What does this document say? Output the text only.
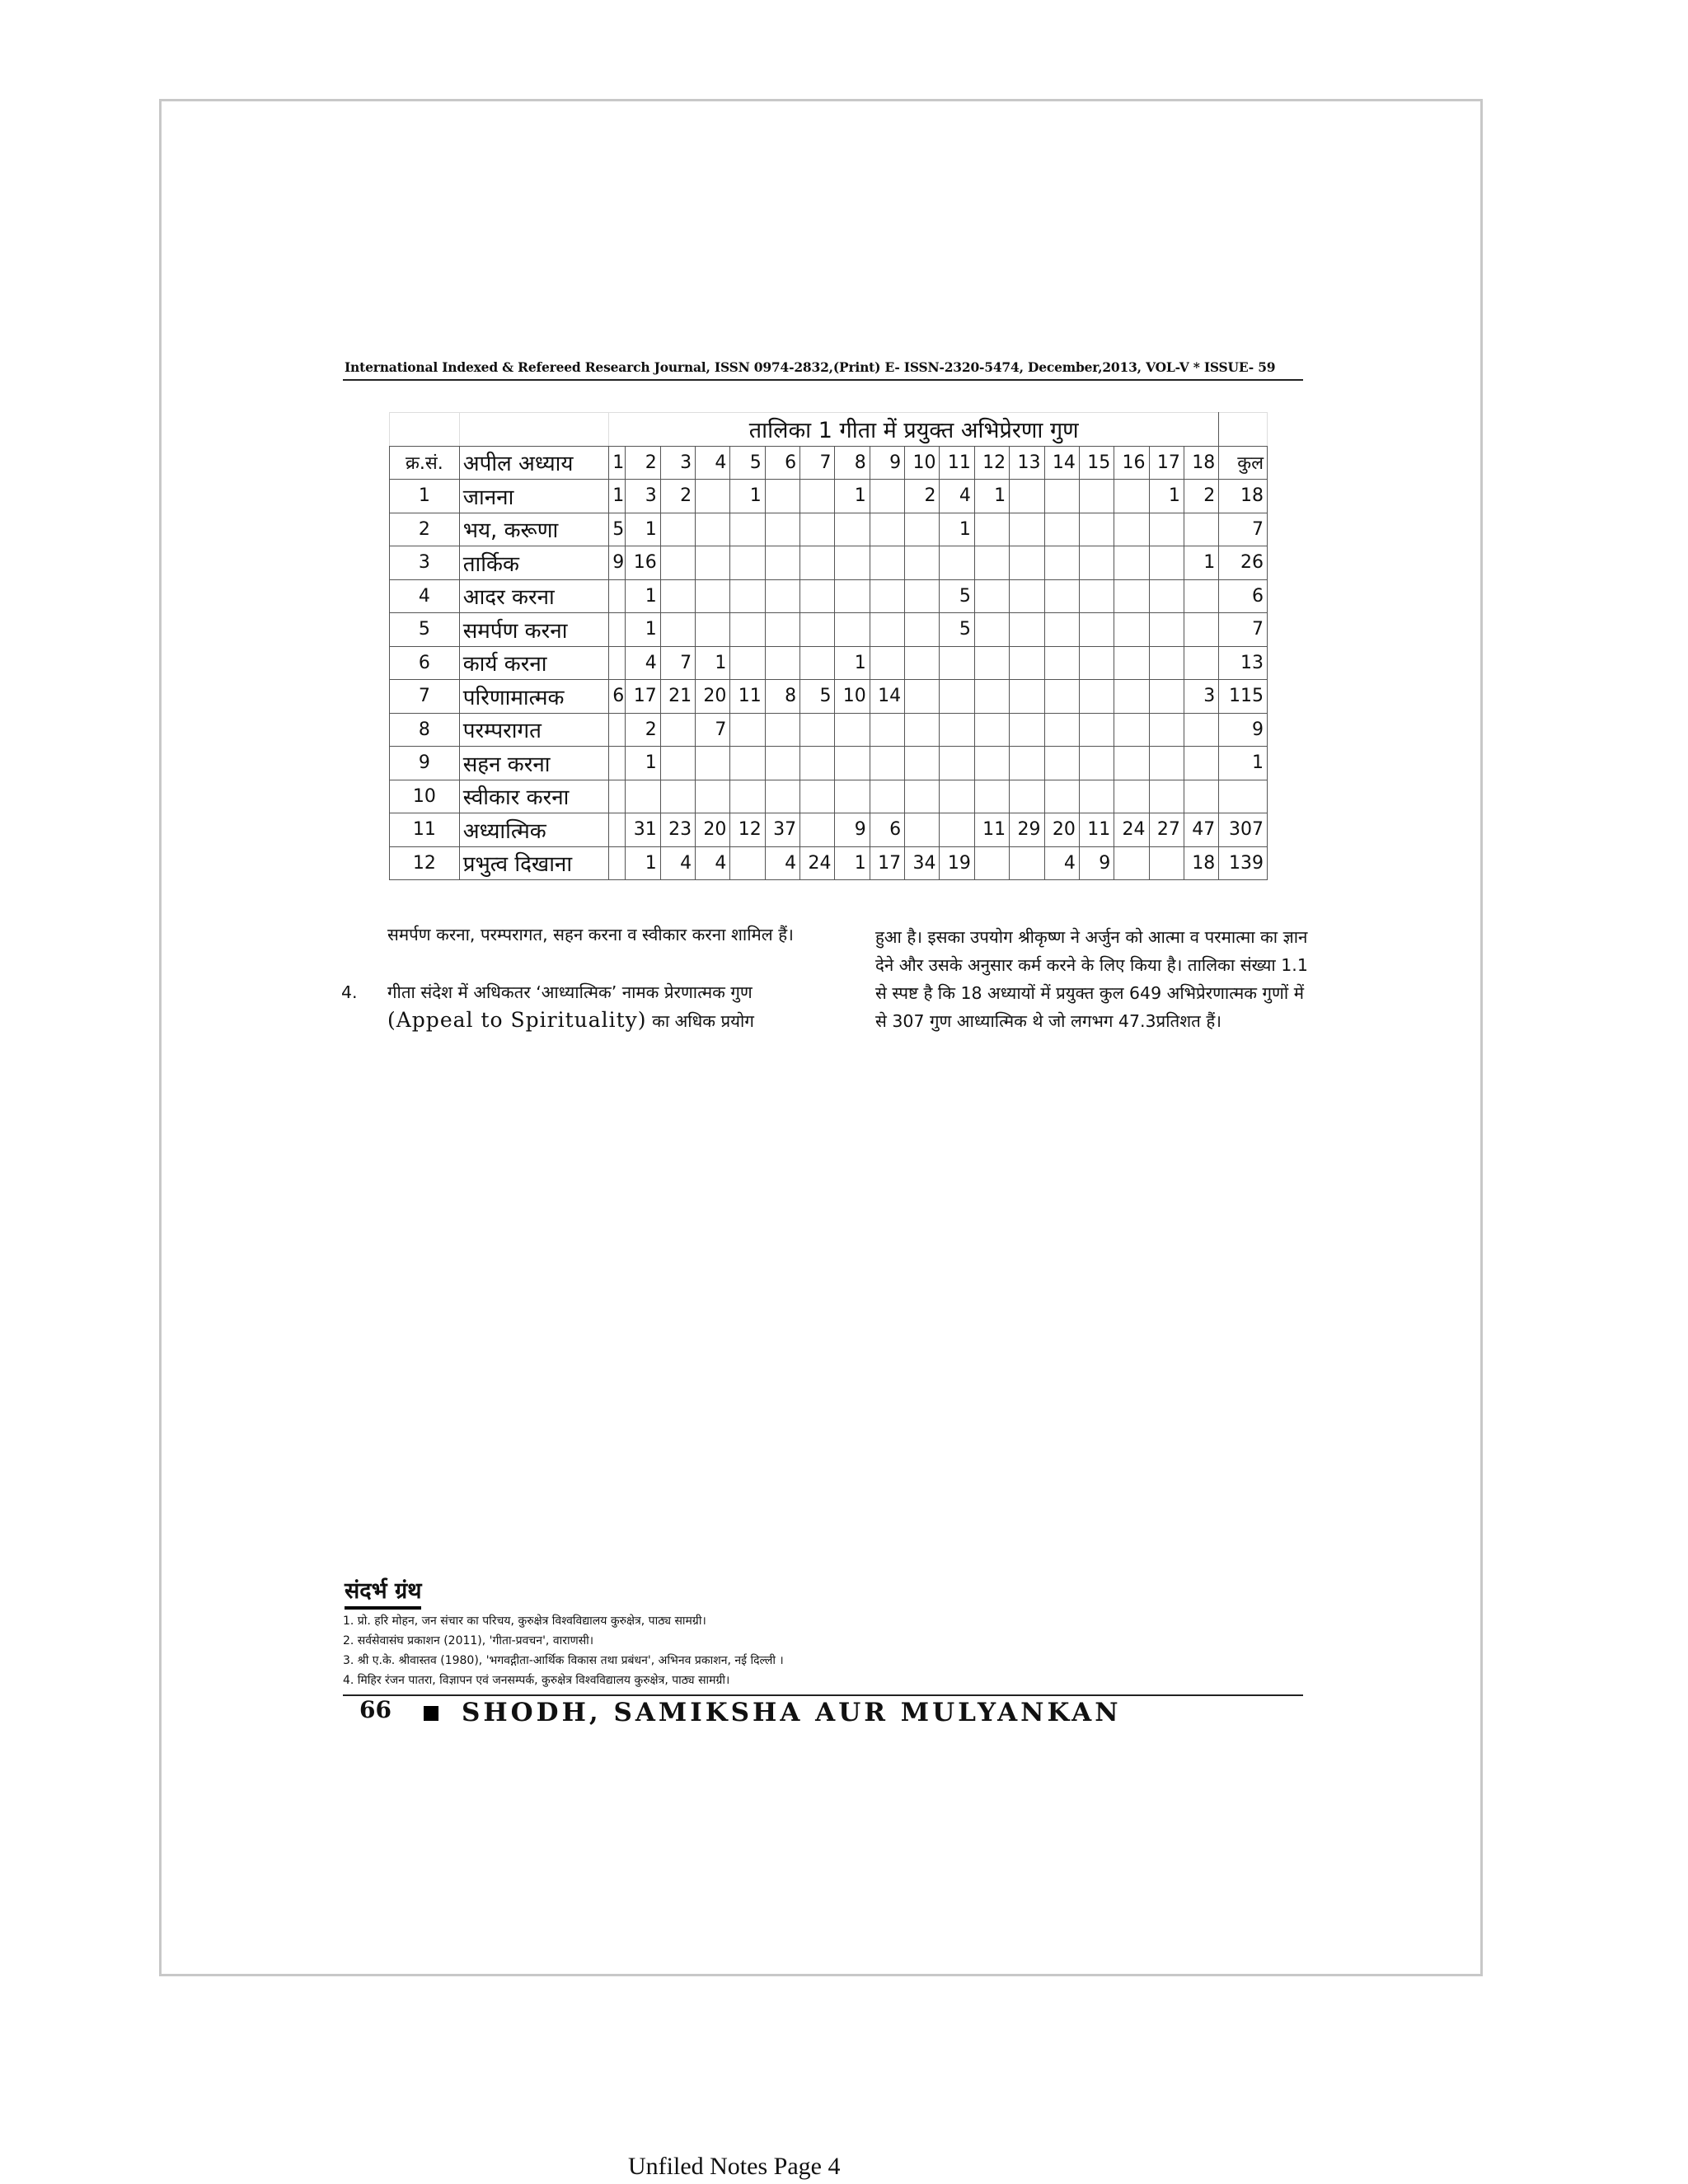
International Indexed & Refereed Research Journal, ISSN 0974-2832,(Print) E- ISSN-2320-5474, December,2013, VOL-V * ISSUE- 59
		तालिका 1 गीता में प्रयुक्त अभिप्रेरणा गुण																		
क्र.सं.	अपील अध्याय	1	2	3	4	5	6	7	8	9	10	11	12	13	14	15	16	17	18	कुल
1	जानना	1	3	2		1			1		2	4	1					1	2	18
2	भय, करूणा	5	1									1								7
3	तार्किक	9	16																1	26
4	आदर करना		1									5								6
5	समर्पण करना		1									5								7
6	कार्य करना		4	7	1				1											13
7	परिणामात्मक	6	17	21	20	11	8	5	10	14									3	115
8	परम्परागत		2		7															9
9	सहन करना		1																	1
10	स्वीकार करना																			
11	अध्यात्मिक		31	23	20	12	37		9	6			11	29	20	11	24	27	47	307
12	प्रभुत्व दिखाना		1	4	4		4	24	1	17	34	19			4	9			18	139
समर्पण करना, परम्परागत, सहन करना व स्वीकार करना शामिल हैं।
4. गीता संदेश में अधिकतर ‘आध्यात्मिक’ नामक प्रेरणात्मक गुण (Appeal to Spirituality) का अधिक प्रयोग
हुआ है। इसका उपयोग श्रीकृष्ण ने अर्जुन को आत्मा व परमात्मा का ज्ञान देने और उसके अनुसार कर्म करने के लिए किया है। तालिका संख्या 1.1 से स्पष्ट है कि 18 अध्यायों में प्रयुक्त कुल 649 अभिप्रेरणात्मक गुणों में से 307 गुण आध्यात्मिक थे जो लगभग 47.3प्रतिशत हैं।
संदर्भ ग्रंथ
1. प्रो. हरि मोहन, जन संचार का परिचय, कुरुक्षेत्र विश्वविद्यालय कुरुक्षेत्र, पाठ्य सामग्री।
2. सर्वसेवासंघ प्रकाशन (2011), 'गीता-प्रवचन', वाराणसी।
3. श्री ए.के. श्रीवास्तव (1980), 'भगवद्गीता-आर्थिक विकास तथा प्रबंधन', अभिनव प्रकाशन, नई दिल्ली ।
4. मिहिर रंजन पातरा, विज्ञापन एवं जनसम्पर्क, कुरुक्षेत्र विश्वविद्यालय कुरुक्षेत्र, पाठ्य सामग्री।
66	SHODH, SAMIKSHA AUR MULYANKAN
Unfiled Notes Page 4
